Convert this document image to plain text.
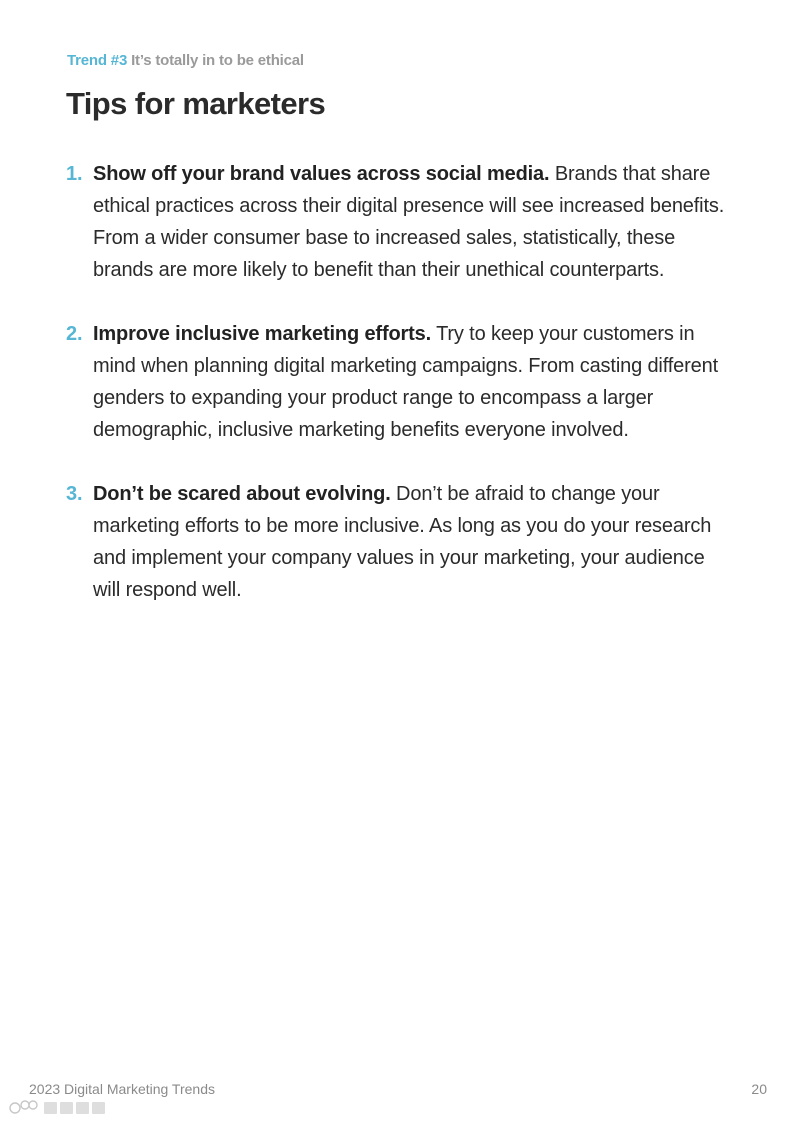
Trend #3 It’s totally in to be ethical
Tips for marketers
1. Show off your brand values across social media. Brands that share ethical practices across their digital presence will see increased benefits. From a wider consumer base to increased sales, statistically, these brands are more likely to benefit than their unethical counterparts.
2. Improve inclusive marketing efforts. Try to keep your customers in mind when planning digital marketing campaigns. From casting different genders to expanding your product range to encompass a larger demographic, inclusive marketing benefits everyone involved.
3. Don’t be scared about evolving. Don’t be afraid to change your marketing efforts to be more inclusive. As long as you do your research and implement your company values in your marketing, your audience will respond well.
2023 Digital Marketing Trends	20
